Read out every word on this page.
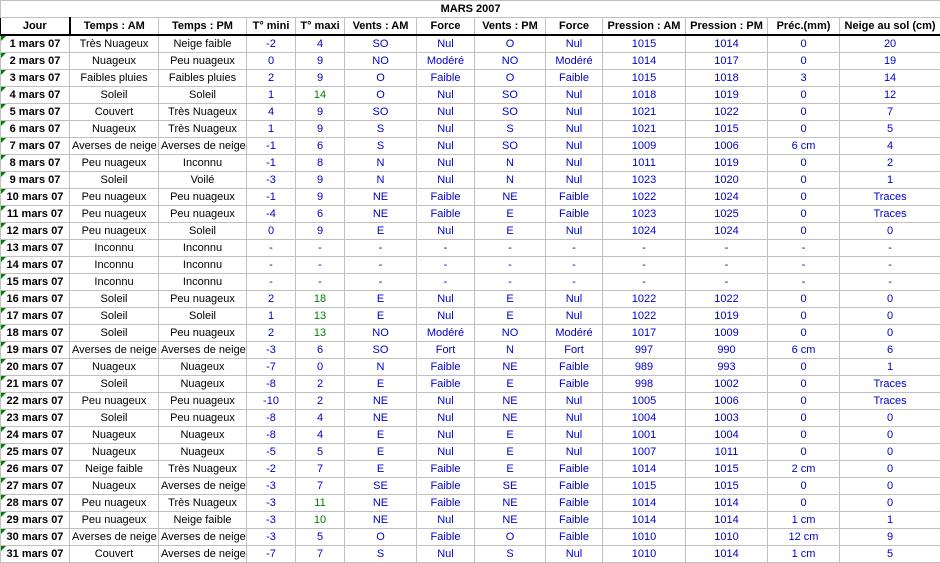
MARS 2007												
Jour	Temps : AM	Temps : PM	T° mini	T° maxi	Vents : AM	Force	Vents : PM	Force	Pression : AM	Pression : PM	Préc.(mm)	Neige au sol (cm)

1 mars 07	Très Nuageux	Neige faible	-2	4	SO	Nul	O	Nul	1015	1014	0	20

2 mars 07	Nuageux	Peu nuageux	0	9	NO	Modéré	NO	Modéré	1014	1017	0	19

3 mars 07	Faibles pluies	Faibles pluies	2	9	O	Faible	O	Faible	1015	1018	3	14

4 mars 07	Soleil	Soleil	1	14	O	Nul	SO	Nul	1018	1019	0	12

5 mars 07	Couvert	Très Nuageux	4	9	SO	Nul	SO	Nul	1021	1022	0	7

6 mars 07	Nuageux	Très Nuageux	1	9	S	Nul	S	Nul	1021	1015	0	5

7 mars 07	Averses de neige	Averses de neige	-1	6	S	Nul	SO	Nul	1009	1006	6 cm	4

8 mars 07	Peu nuageux	Inconnu	-1	8	N	Nul	N	Nul	1011	1019	0	2

9 mars 07	Soleil	Voilé	-3	9	N	Nul	N	Nul	1023	1020	0	1

10 mars 07	Peu nuageux	Peu nuageux	-1	9	NE	Faible	NE	Faible	1022	1024	0	Traces

11 mars 07	Peu nuageux	Peu nuageux	-4	6	NE	Faible	E	Faible	1023	1025	0	Traces

12 mars 07	Peu nuageux	Soleil	0	9	E	Nul	E	Nul	1024	1024	0	0

13 mars 07	Inconnu	Inconnu	-	-	-	-	-	-	-	-	-	-

14 mars 07	Inconnu	Inconnu	-	-	-	-	-	-	-	-	-	-

15 mars 07	Inconnu	Inconnu	-	-	-	-	-	-	-	-	-	-

16 mars 07	Soleil	Peu nuageux	2	18	E	Nul	E	Nul	1022	1022	0	0

17 mars 07	Soleil	Soleil	1	13	E	Nul	E	Nul	1022	1019	0	0

18 mars 07	Soleil	Peu nuageux	2	13	NO	Modéré	NO	Modéré	1017	1009	0	0

19 mars 07	Averses de neige	Averses de neige	-3	6	SO	Fort	N	Fort	997	990	6 cm	6

20 mars 07	Nuageux	Nuageux	-7	0	N	Faible	NE	Faible	989	993	0	1

21 mars 07	Soleil	Nuageux	-8	2	E	Faible	E	Faible	998	1002	0	Traces

22 mars 07	Peu nuageux	Peu nuageux	-10	2	NE	Nul	NE	Nul	1005	1006	0	Traces

23 mars 07	Soleil	Peu nuageux	-8	4	NE	Nul	NE	Nul	1004	1003	0	0

24 mars 07	Nuageux	Nuageux	-8	4	E	Nul	E	Nul	1001	1004	0	0

25 mars 07	Nuageux	Nuageux	-5	5	E	Nul	E	Nul	1007	1011	0	0

26 mars 07	Neige faible	Très Nuageux	-2	7	E	Faible	E	Faible	1014	1015	2 cm	0

27 mars 07	Nuageux	Averses de neige	-3	7	SE	Faible	SE	Faible	1015	1015	0	0

28 mars 07	Peu nuageux	Très Nuageux	-3	11	NE	Faible	NE	Faible	1014	1014	0	0

29 mars 07	Peu nuageux	Neige faible	-3	10	NE	Nul	NE	Faible	1014	1014	1 cm	1

30 mars 07	Averses de neige	Averses de neige	-3	5	O	Faible	O	Faible	1010	1010	12 cm	9

31 mars 07	Couvert	Averses de neige	-7	7	S	Nul	S	Nul	1010	1014	1 cm	5
